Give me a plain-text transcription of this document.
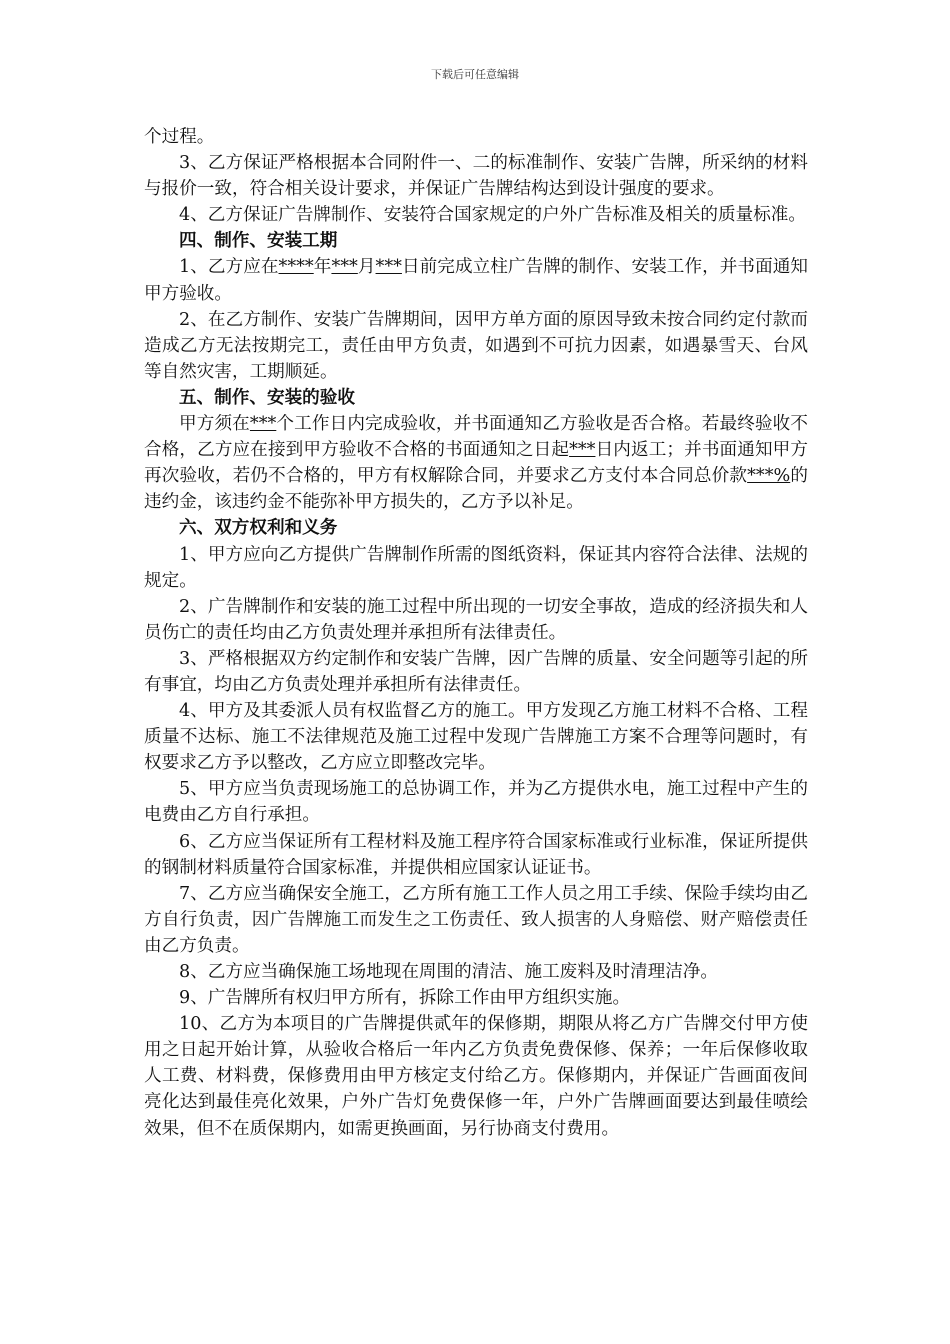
下载后可任意编辑

个过程。

3、乙方保证严格根据本合同附件一、二的标准制作、安装广告牌，所采纳的材料与报价一致，符合相关设计要求，并保证广告牌结构达到设计强度的要求。

4、乙方保证广告牌制作、安装符合国家规定的户外广告标准及相关的质量标准。

四、制作、安装工期

1、乙方应在****年***月***日前完成立柱广告牌的制作、安装工作，并书面通知甲方验收。

2、在乙方制作、安装广告牌期间，因甲方单方面的原因导致未按合同约定付款而造成乙方无法按期完工，责任由甲方负责，如遇到不可抗力因素，如遇暴雪天、台风等自然灾害，工期顺延。

五、制作、安装的验收

甲方须在***个工作日内完成验收，并书面通知乙方验收是否合格。若最终验收不合格，乙方应在接到甲方验收不合格的书面通知之日起***日内返工；并书面通知甲方再次验收，若仍不合格的，甲方有权解除合同，并要求乙方支付本合同总价款***%的违约金，该违约金不能弥补甲方损失的，乙方予以补足。

六、双方权利和义务

1、甲方应向乙方提供广告牌制作所需的图纸资料，保证其内容符合法律、法规的规定。

2、广告牌制作和安装的施工过程中所出现的一切安全事故，造成的经济损失和人员伤亡的责任均由乙方负责处理并承担所有法律责任。

3、严格根据双方约定制作和安装广告牌，因广告牌的质量、安全问题等引起的所有事宜，均由乙方负责处理并承担所有法律责任。

4、甲方及其委派人员有权监督乙方的施工。甲方发现乙方施工材料不合格、工程质量不达标、施工不法律规范及施工过程中发现广告牌施工方案不合理等问题时，有权要求乙方予以整改，乙方应立即整改完毕。

5、甲方应当负责现场施工的总协调工作，并为乙方提供水电，施工过程中产生的电费由乙方自行承担。

6、乙方应当保证所有工程材料及施工程序符合国家标准或行业标准，保证所提供的钢制材料质量符合国家标准，并提供相应国家认证证书。

7、乙方应当确保安全施工，乙方所有施工工作人员之用工手续、保险手续均由乙方自行负责，因广告牌施工而发生之工伤责任、致人损害的人身赔偿、财产赔偿责任由乙方负责。

8、乙方应当确保施工场地现在周围的清洁、施工废料及时清理洁净。

9、广告牌所有权归甲方所有，拆除工作由甲方组织实施。

10、乙方为本项目的广告牌提供贰年的保修期，期限从将乙方广告牌交付甲方使用之日起开始计算，从验收合格后一年内乙方负责免费保修、保养；一年后保修收取人工费、材料费，保修费用由甲方核定支付给乙方。保修期内，并保证广告画面夜间亮化达到最佳亮化效果，户外广告灯免费保修一年，户外广告牌画面要达到最佳喷绘效果，但不在质保期内，如需更换画面，另行协商支付费用。
